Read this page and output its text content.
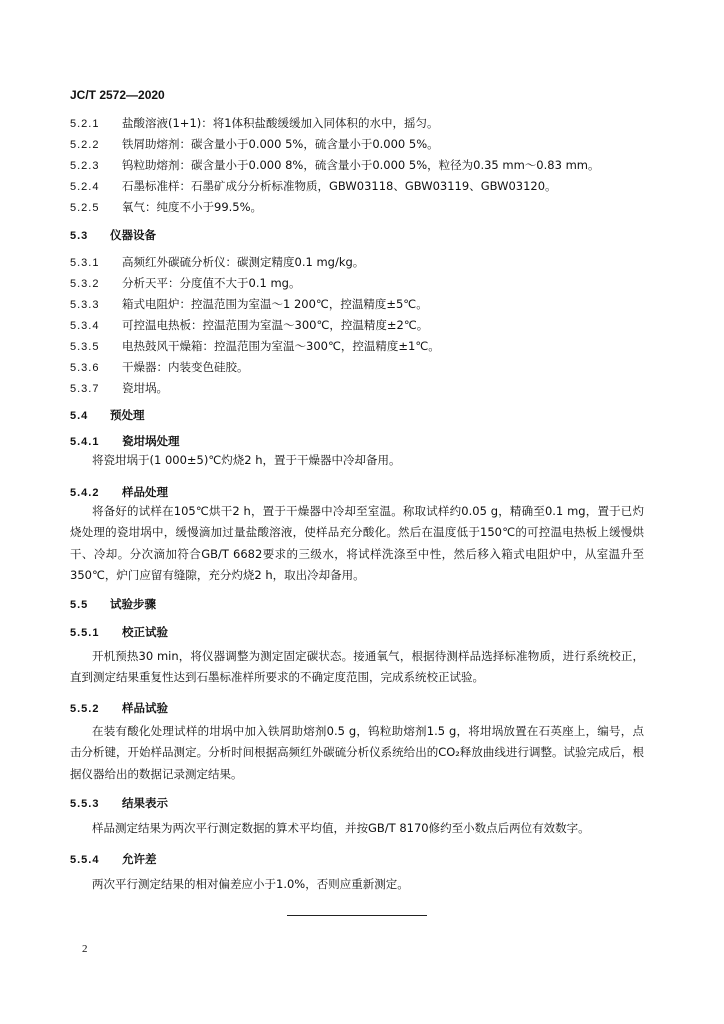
JC/T 2572—2020
5.2.1 盐酸溶液(1+1)：将1体积盐酸缓缓加入同体积的水中，摇匀。
5.2.2 铁屑助熔剂：碳含量小于0.000 5%，硫含量小于0.000 5%。
5.2.3 钨粒助熔剂：碳含量小于0.000 8%，硫含量小于0.000 5%，粒径为0.35 mm～0.83 mm。
5.2.4 石墨标准样：石墨矿成分分析标准物质，GBW03118、GBW03119、GBW03120。
5.2.5 氧气：纯度不小于99.5%。
5.3 仪器设备
5.3.1 高频红外碳硫分析仪：碳测定精度0.1 mg/kg。
5.3.2 分析天平：分度值不大于0.1 mg。
5.3.3 箱式电阻炉：控温范围为室温～1 200℃，控温精度±5℃。
5.3.4 可控温电热板：控温范围为室温～300℃，控温精度±2℃。
5.3.5 电热鼓风干燥箱：控温范围为室温～300℃，控温精度±1℃。
5.3.6 干燥器：内装变色硅胶。
5.3.7 瓷坩埚。
5.4 预处理
5.4.1 瓷坩埚处理
将瓷坩埚于(1 000±5)℃灼烧2 h，置于干燥器中冷却备用。
5.4.2 样品处理
将备好的试样在105℃烘干2 h，置于干燥器中冷却至室温。称取试样约0.05 g，精确至0.1 mg，置于已灼烧处理的瓷坩埚中，缓慢滴加过量盐酸溶液，使样品充分酸化。然后在温度低于150℃的可控温电热板上缓慢烘干、冷却。分次滴加符合GB/T 6682要求的三级水，将试样洗涤至中性，然后移入箱式电阻炉中，从室温升至350℃，炉门应留有缝隙，充分灼烧2 h，取出冷却备用。
5.5 试验步骤
5.5.1 校正试验
开机预热30 min，将仪器调整为测定固定碳状态。接通氧气，根据待测样品选择标准物质，进行系统校正，直到测定结果重复性达到石墨标准样所要求的不确定度范围，完成系统校正试验。
5.5.2 样品试验
在装有酸化处理试样的坩埚中加入铁屑助熔剂0.5 g，钨粒助熔剂1.5 g，将坩埚放置在石英座上，编号，点击分析键，开始样品测定。分析时间根据高频红外碳硫分析仪系统给出的CO₂释放曲线进行调整。试验完成后，根据仪器给出的数据记录测定结果。
5.5.3 结果表示
样品测定结果为两次平行测定数据的算术平均值，并按GB/T 8170修约至小数点后两位有效数字。
5.5.4 允许差
两次平行测定结果的相对偏差应小于1.0%，否则应重新测定。
2
